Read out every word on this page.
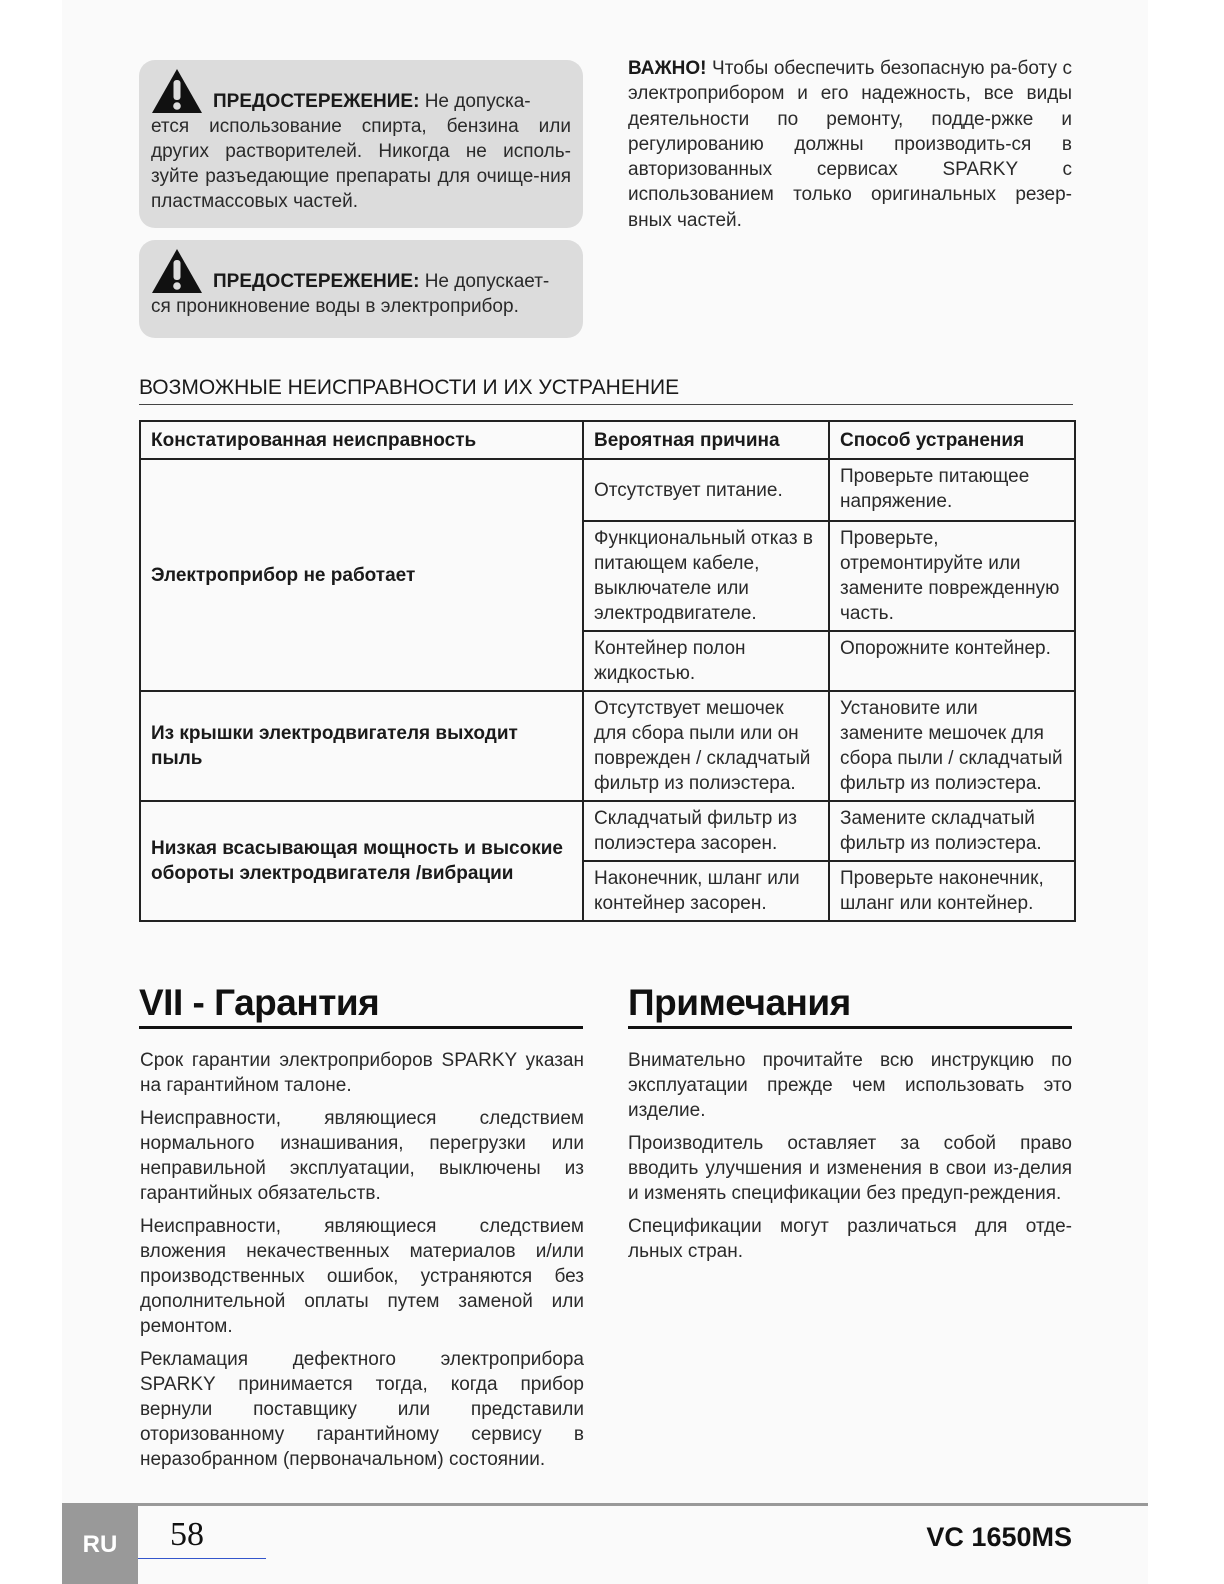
ПРЕДОСТЕРЕЖЕНИЕ: Не допуска-
ется использование спирта, бензина или других растворителей. Никогда не исполь-зуйте разъедающие препараты для очище-ния пластмассовых частей.
ПРЕДОСТЕРЕЖЕНИЕ: Не допускает-
ся проникновение воды в электроприбор.
ВАЖНО! Чтобы обеспечить безопасную ра-боту с электроприбором и его надежность, все виды деятельности по ремонту, подде-ржке и регулированию должны производить-ся в авторизованных сервисах SPARKY с использованием только оригинальных резер-вных частей.
ВОЗМОЖНЫЕ НЕИСПРАВНОСТИ И ИХ УСТРАНЕНИЕ
Констатированная неисправность	Вероятная причина	Способ устранения
Электроприбор не работает	Отсутствует питание.	Проверьте питающее напряжение.
	Функциональный отказ в питающем кабеле, выключателе или электродвигателе.	Проверьте, отремонтируйте или замените поврежденную часть.
	Контейнер полон жидкостью.	Опорожните контейнер.
Из крышки электродвигателя выходит пыль	Отсутствует мешочек для сбора пыли или он поврежден / складчатый фильтр из полиэстера.	Установите или замените мешочек для сбора пыли / складчатый фильтр из полиэстера.
Низкая всасывающая мощность и высокие обороты электродвигателя /вибрации	Складчатый фильтр из полиэстера засорен.	Замените складчатый фильтр из полиэстера.
	Наконечник, шланг или контейнер засорен.	Проверьте наконечник, шланг или контейнер.
VII - Гарантия

Срок гарантии электроприборов SPARKY указан на гарантийном талоне.

Неисправности, являющиеся следствием нормального изнашивания, перегрузки или неправильной эксплуатации, выключены из гарантийных обязательств.

Неисправности, являющиеся следствием вложения некачественных материалов и/или производственных ошибок, устраняются без дополнительной оплаты путем заменой или ремонтом.

Рекламация дефектного электроприбора SPARKY принимается тогда, когда прибор вернули поставщику или представили оторизованному гарантийному сервису в неразобранном (первоначальном) состоянии.

Примечания

Внимательно прочитайте всю инструкцию по эксплуатации прежде чем использовать это изделие.

Производитель оставляет за собой право вводить улучшения и изменения в свои из-делия и изменять спецификации без предуп-реждения.

Спецификации могут различаться для отде-льных стран.

RU	58	VC 1650MS
